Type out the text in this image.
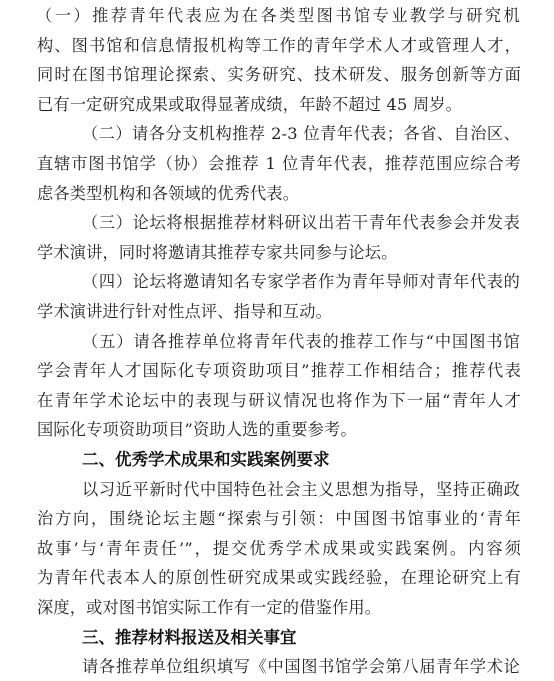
（一）推荐青年代表应为在各类型图书馆专业教学与研究机
构、图书馆和信息情报机构等工作的青年学术人才或管理人才，
同时在图书馆理论探索、实务研究、技术研发、服务创新等方面
已有一定研究成果或取得显著成绩，年龄不超过 45 周岁。
（二）请各分支机构推荐 2-3 位青年代表；各省、自治区、
直辖市图书馆学（协）会推荐 1 位青年代表，推荐范围应综合考
虑各类型机构和各领域的优秀代表。
（三）论坛将根据推荐材料研议出若干青年代表参会并发表
学术演讲，同时将邀请其推荐专家共同参与论坛。
（四）论坛将邀请知名专家学者作为青年导师对青年代表的
学术演讲进行针对性点评、指导和互动。
（五）请各推荐单位将青年代表的推荐工作与“中国图书馆
学会青年人才国际化专项资助项目”推荐工作相结合；推荐代表
在青年学术论坛中的表现与研议情况也将作为下一届“青年人才
国际化专项资助项目”资助人选的重要参考。
二、优秀学术成果和实践案例要求
以习近平新时代中国特色社会主义思想为指导，坚持正确政
治方向，围绕论坛主题“探索与引领：中国图书馆事业的‘青年
故事’与‘青年责任’”，提交优秀学术成果或实践案例。内容须
为青年代表本人的原创性研究成果或实践经验，在理论研究上有
深度，或对图书馆实际工作有一定的借鉴作用。
三、推荐材料报送及相关事宜
请各推荐单位组织填写《中国图书馆学会第八届青年学术论
